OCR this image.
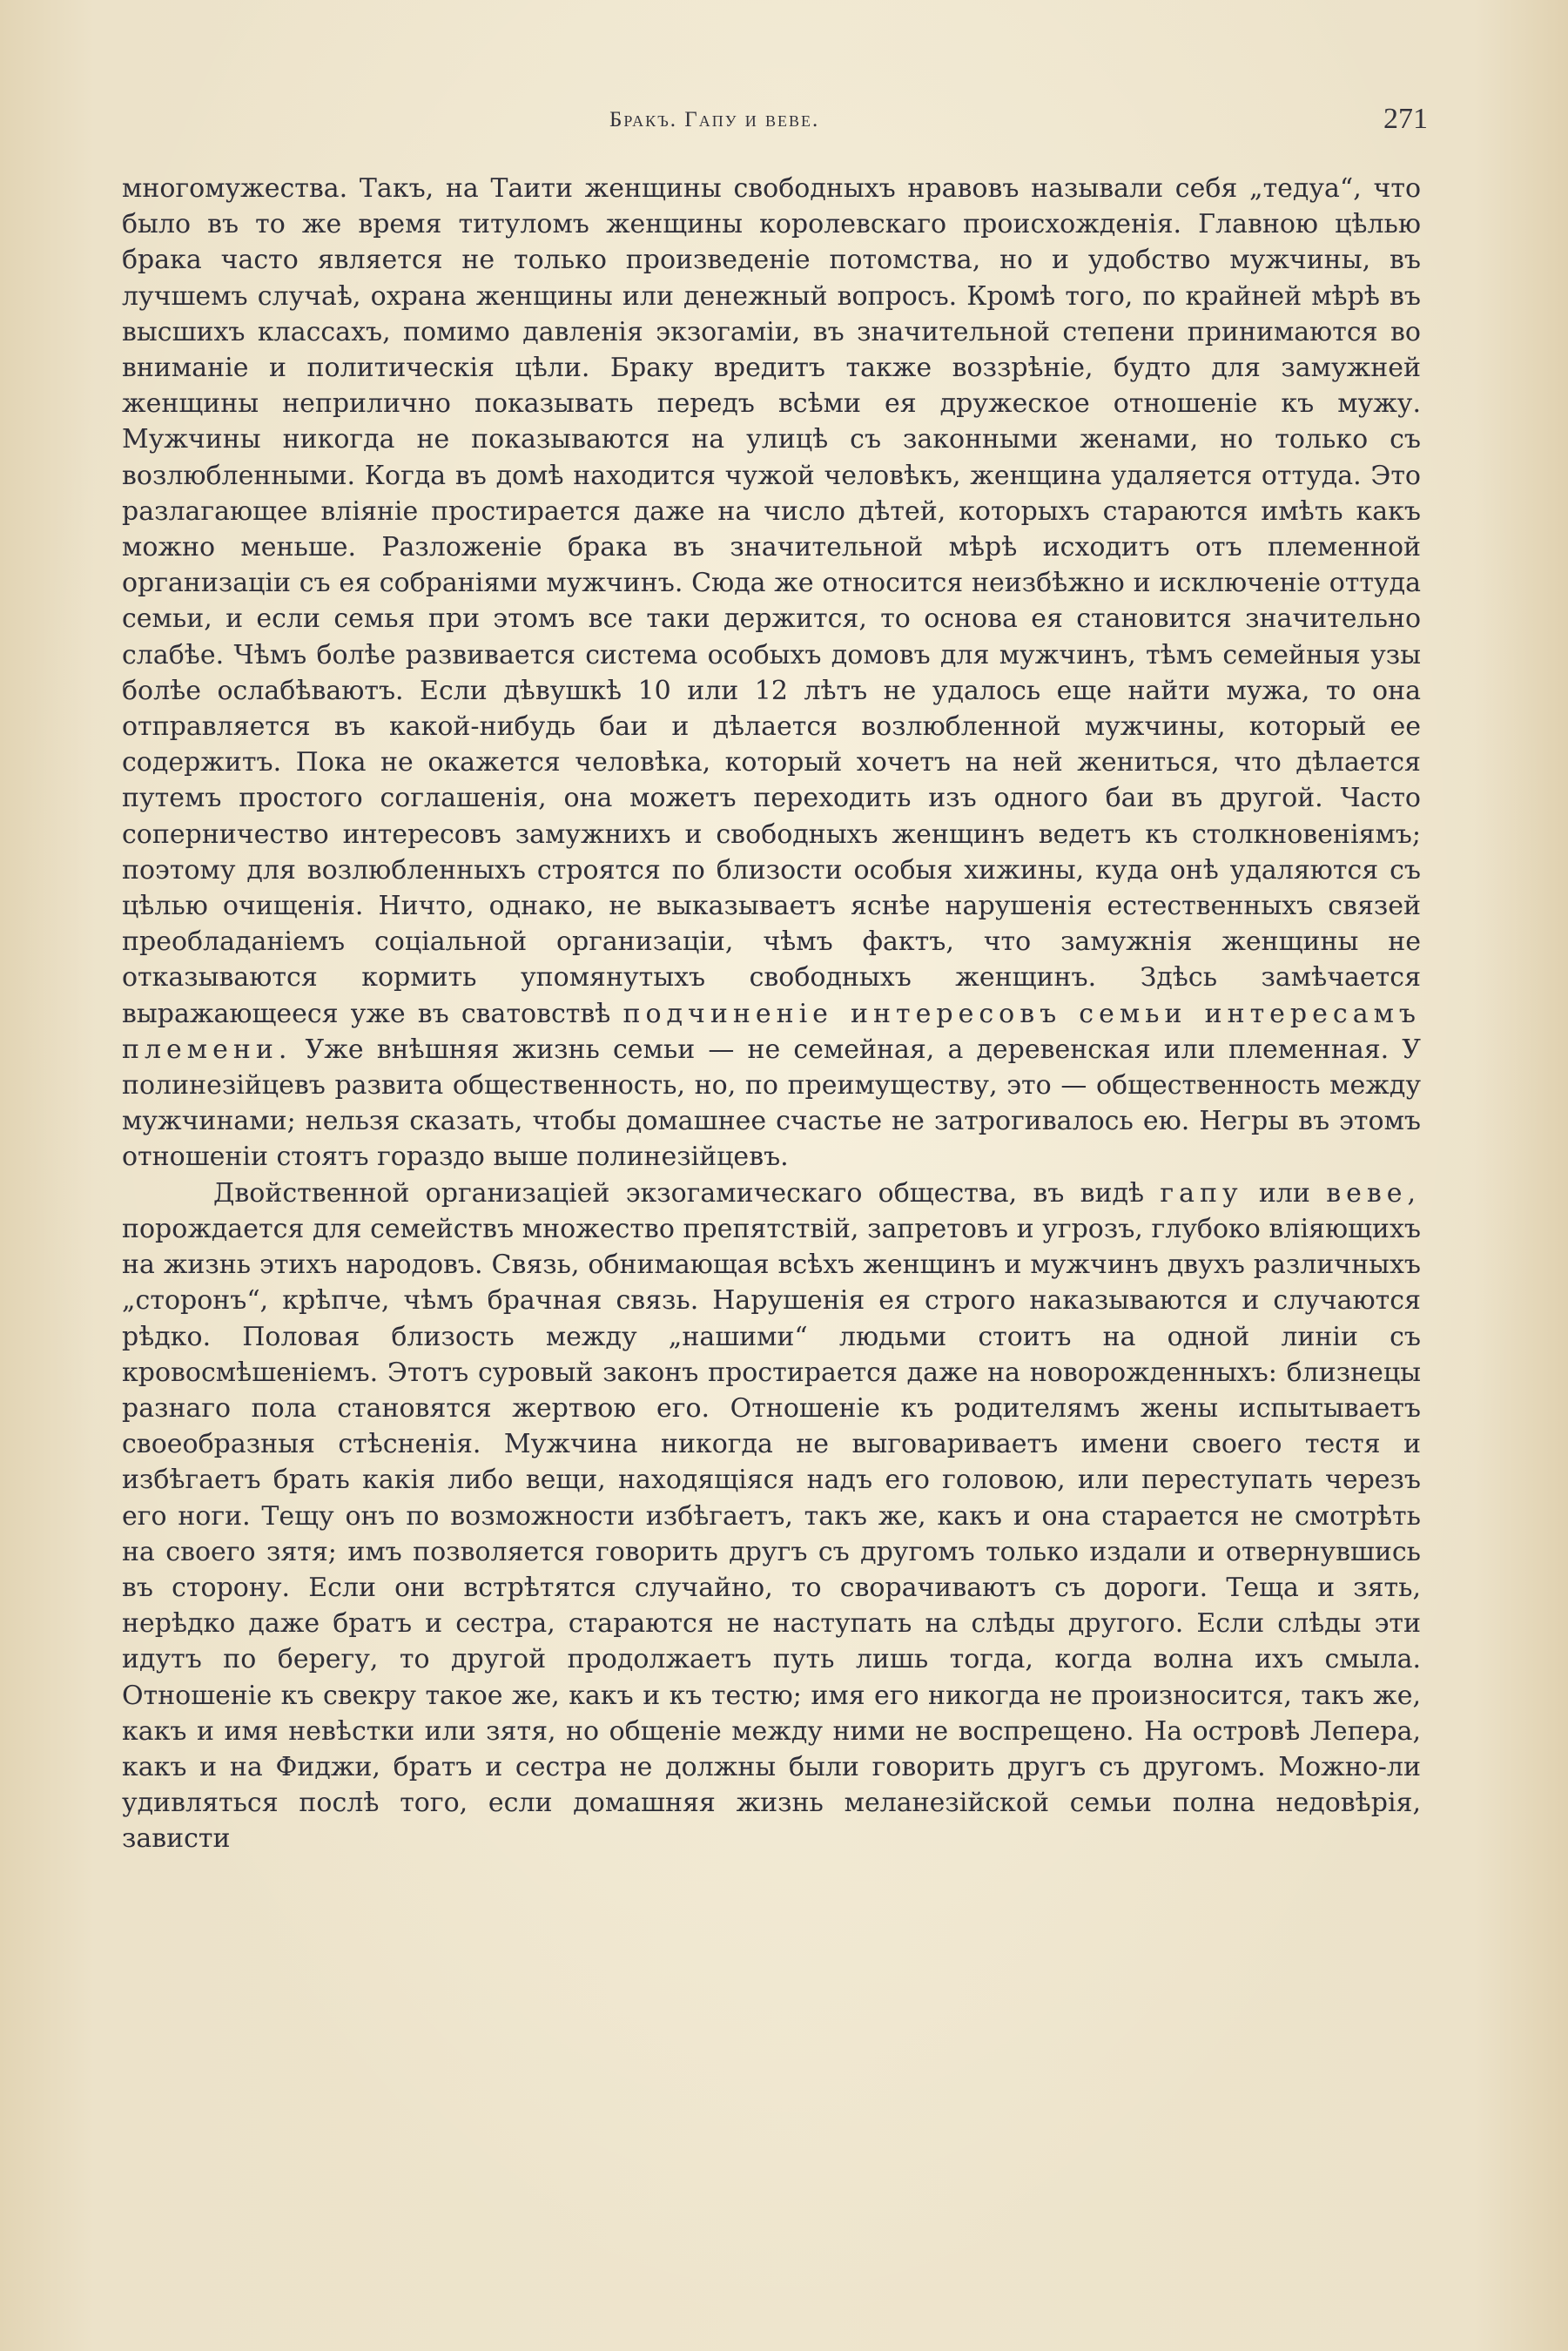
Бракъ. Гапу и веве.	271

многомужества. Такъ, на Таити женщины свободныхъ нравовъ называли себя „тедуа“, что было въ то же время титуломъ женщины королевскаго происхожденія. Главною цѣлью брака часто является не только произведеніе потомства, но и удобство мужчины, въ лучшемъ случаѣ, охрана женщины или денежный вопросъ. Кромѣ того, по крайней мѣрѣ въ высшихъ классахъ, помимо давленія экзогаміи, въ значительной степени принимаются во вниманіе и политическія цѣли. Браку вредитъ также воззрѣніе, будто для замужней женщины неприлично показывать передъ всѣми ея дружеское отношеніе къ мужу. Мужчины никогда не показываются на улицѣ съ законными женами, но только съ возлюбленными. Когда въ домѣ находится чужой человѣкъ, женщина удаляется оттуда. Это разлагающее вліяніе простирается даже на число дѣтей, которыхъ стараются имѣть какъ можно меньше. Разложеніе брака въ значительной мѣрѣ исходитъ отъ племенной организаціи съ ея собраніями мужчинъ. Сюда же относится неизбѣжно и исключеніе оттуда семьи, и если семья при этомъ все таки держится, то основа ея становится значительно слабѣе. Чѣмъ болѣе развивается система особыхъ домовъ для мужчинъ, тѣмъ семейныя узы болѣе ослабѣваютъ. Если дѣвушкѣ 10 или 12 лѣтъ не удалось еще найти мужа, то она отправляется въ какой-нибудь баи и дѣлается возлюбленной мужчины, который ее содержитъ. Пока не окажется человѣка, который хочетъ на ней жениться, что дѣлается путемъ простого соглашенія, она можетъ переходить изъ одного баи въ другой. Часто соперничество интересовъ замужнихъ и свободныхъ женщинъ ведетъ къ столкновеніямъ; поэтому для возлюбленныхъ строятся по близости особыя хижины, куда онѣ удаляются съ цѣлью очищенія. Ничто, однако, не выказываетъ яснѣе нарушенія естественныхъ связей преобладаніемъ соціальной организаціи, чѣмъ фактъ, что замужнія женщины не отказываются кормить упомянутыхъ свободныхъ женщинъ. Здѣсь замѣчается выражающееся уже въ сватовствѣ подчиненіе интересовъ семьи интересамъ племени. Уже внѣшняя жизнь семьи — не семейная, а деревенская или племенная. У полинезійцевъ развита общественность, но, по преимуществу, это — общественность между мужчинами; нельзя сказать, чтобы домашнее счастье не затрогивалось ею. Негры въ этомъ отношеніи стоятъ гораздо выше полинезійцевъ.

Двойственной организаціей экзогамическаго общества, въ видѣ гапу или веве, порождается для семействъ множество препятствій, запретовъ и угрозъ, глубоко вліяющихъ на жизнь этихъ народовъ. Связь, обнимающая всѣхъ женщинъ и мужчинъ двухъ различныхъ „сторонъ“, крѣпче, чѣмъ брачная связь. Нарушенія ея строго наказываются и случаются рѣдко. Половая близость между „нашими“ людьми стоитъ на одной линіи съ кровосмѣшеніемъ. Этотъ суровый законъ простирается даже на новорожденныхъ: близнецы разнаго пола становятся жертвою его. Отношеніе къ родителямъ жены испытываетъ своеобразныя стѣсненія. Мужчина никогда не выговариваетъ имени своего тестя и избѣгаетъ брать какія либо вещи, находящіяся надъ его головою, или переступать черезъ его ноги. Тещу онъ по возможности избѣгаетъ, такъ же, какъ и она старается не смотрѣть на своего зятя; имъ позволяется говорить другъ съ другомъ только издали и отвернувшись въ сторону. Если они встрѣтятся случайно, то сворачиваютъ съ дороги. Теща и зять, нерѣдко даже братъ и сестра, стараются не наступать на слѣды другого. Если слѣды эти идутъ по берегу, то другой продолжаетъ путь лишь тогда, когда волна ихъ смыла. Отношеніе къ свекру такое же, какъ и къ тестю; имя его никогда не произносится, такъ же, какъ и имя невѣстки или зятя, но общеніе между ними не воспрещено. На островѣ Лепера, какъ и на Фиджи, братъ и сестра не должны были говорить другъ съ другомъ. Можно-ли удивляться послѣ того, если домашняя жизнь меланезійской семьи полна недовѣрія, зависти
